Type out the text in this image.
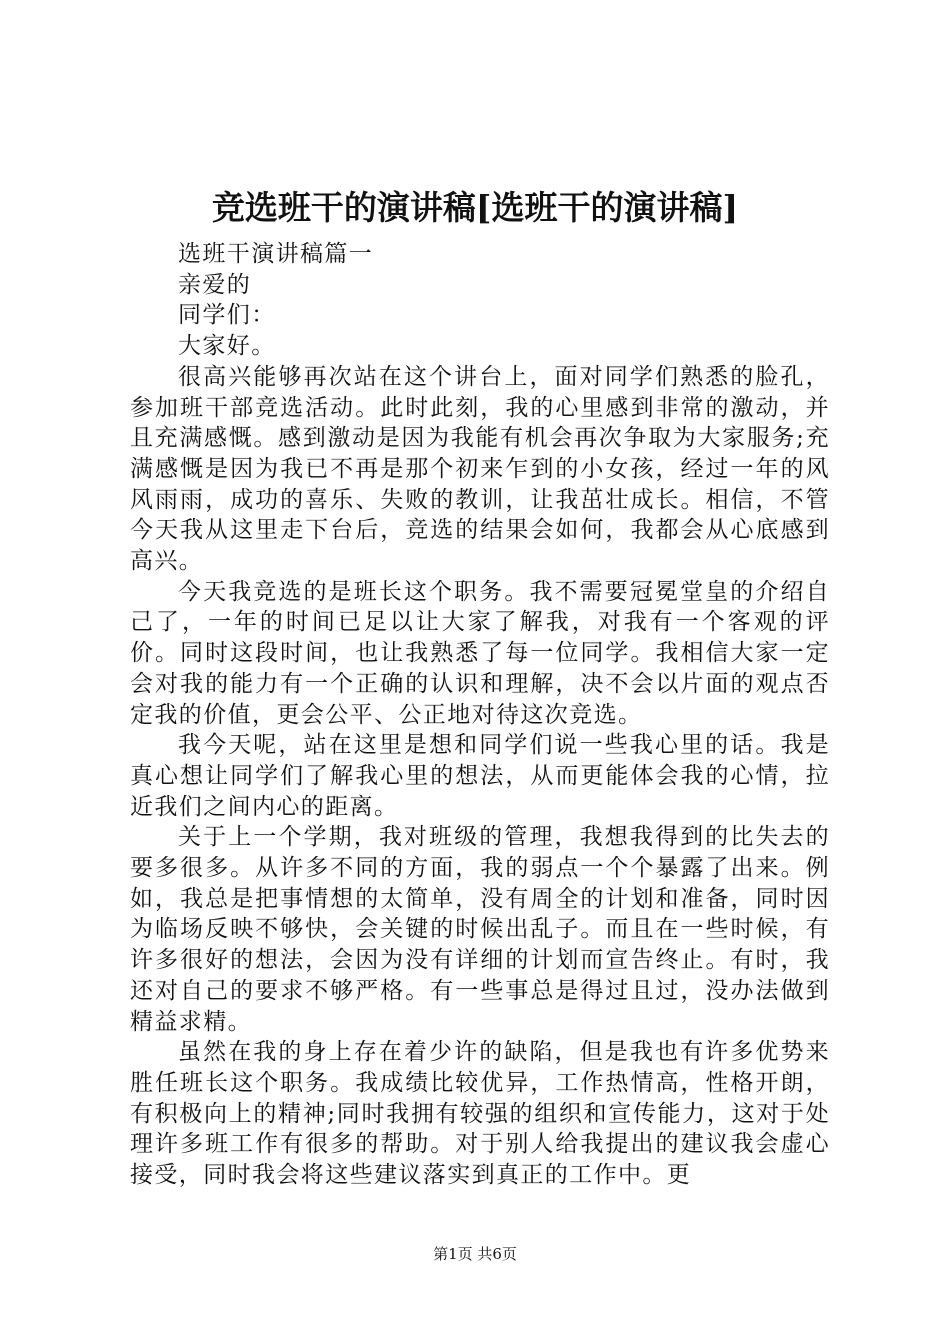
竞选班干的演讲稿[选班干的演讲稿]

选班干演讲稿篇一

亲爱的

同学们：

大家好。

很高兴能够再次站在这个讲台上，面对同学们熟悉的脸孔，参加班干部竞选活动。此时此刻，我的心里感到非常的激动，并且充满感慨。感到激动是因为我能有机会再次争取为大家服务;充满感慨是因为我已不再是那个初来乍到的小女孩，经过一年的风风雨雨，成功的喜乐、失败的教训，让我茁壮成长。相信，不管今天我从这里走下台后，竞选的结果会如何，我都会从心底感到高兴。

今天我竞选的是班长这个职务。我不需要冠冕堂皇的介绍自己了，一年的时间已足以让大家了解我，对我有一个客观的评价。同时这段时间，也让我熟悉了每一位同学。我相信大家一定会对我的能力有一个正确的认识和理解，决不会以片面的观点否定我的价值，更会公平、公正地对待这次竞选。

我今天呢，站在这里是想和同学们说一些我心里的话。我是真心想让同学们了解我心里的想法，从而更能体会我的心情，拉近我们之间内心的距离。

关于上一个学期，我对班级的管理，我想我得到的比失去的要多很多。从许多不同的方面，我的弱点一个个暴露了出来。例如，我总是把事情想的太简单，没有周全的计划和准备，同时因为临场反映不够快，会关键的时候出乱子。而且在一些时候，有许多很好的想法，会因为没有详细的计划而宣告终止。有时，我还对自己的要求不够严格。有一些事总是得过且过，没办法做到精益求精。

虽然在我的身上存在着少许的缺陷，但是我也有许多优势来胜任班长这个职务。我成绩比较优异，工作热情高，性格开朗，有积极向上的精神;同时我拥有较强的组织和宣传能力，这对于处理许多班工作有很多的帮助。对于别人给我提出的建议我会虚心接受，同时我会将这些建议落实到真正的工作中。更

第1页 共6页
